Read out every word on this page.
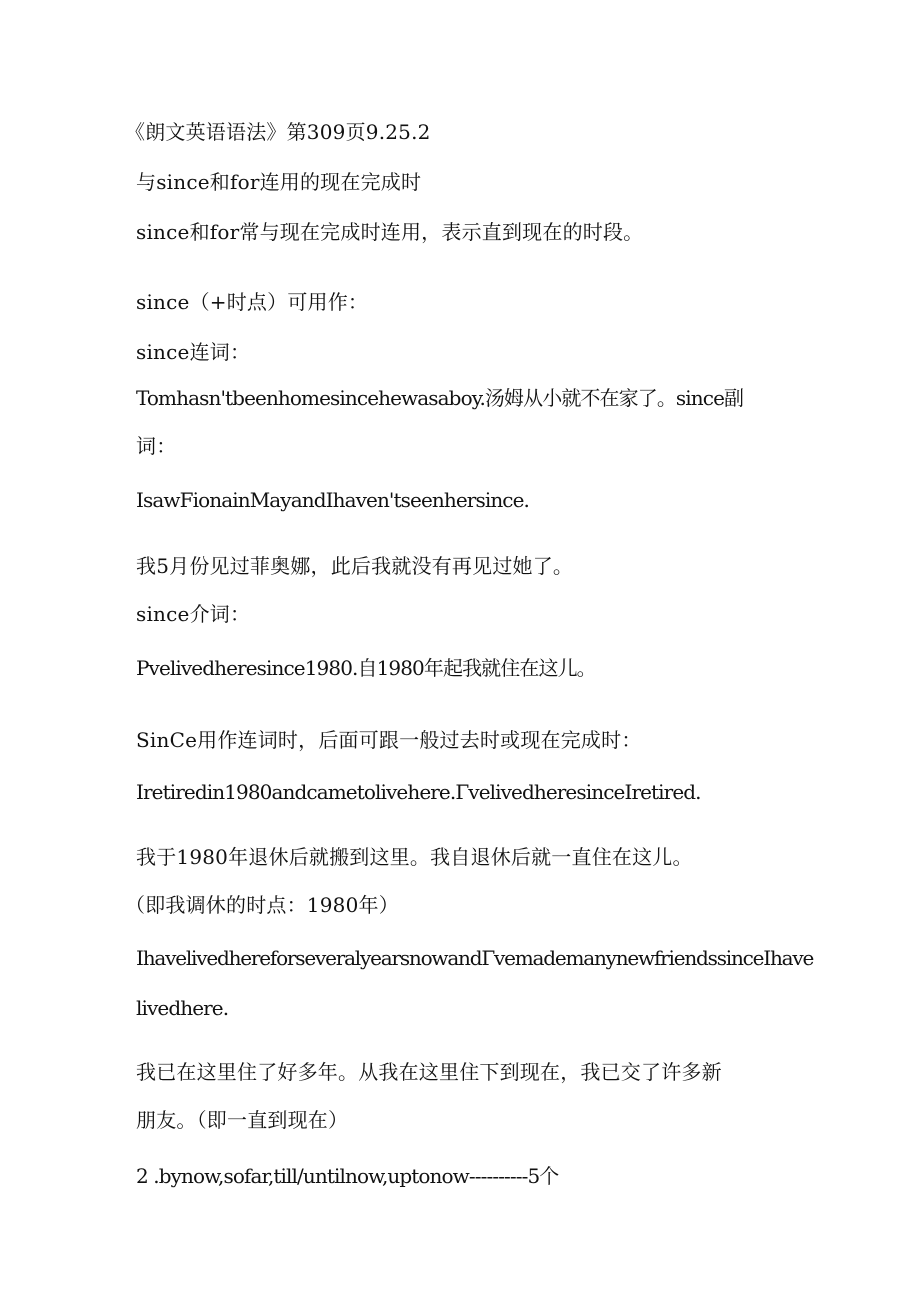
《朗文英语语法》第309页9.25.2
与since和for连用的现在完成时
since和for常与现在完成时连用，表示直到现在的时段。
since（+时点）可用作：
since连词：
Tomhasn'tbeenhomesincehewasaboy.汤姆从小就不在家了。since副
词：
IsawFionainMayandIhaven'tseenhersince.
我5月份见过菲奥娜，此后我就没有再见过她了。
since介词：
Pvelivedheresince1980.自1980年起我就住在这儿。
SinCe用作连词时，后面可跟一般过去时或现在完成时：
Iretiredin1980andcametolivehere.ΓvelivedheresinceIretired.
我于1980年退休后就搬到这里。我自退休后就一直住在这儿。
（即我调休的时点：1980年）
IhavelivedhereforseveralyearsnowandΓvemademanynewfriendssinceIhave
livedhere.
我已在这里住了好多年。从我在这里住下到现在，我已交了许多新
朋友。（即一直到现在）
2 .bynow,sofar,till/untilnow,uptonow----------5个
